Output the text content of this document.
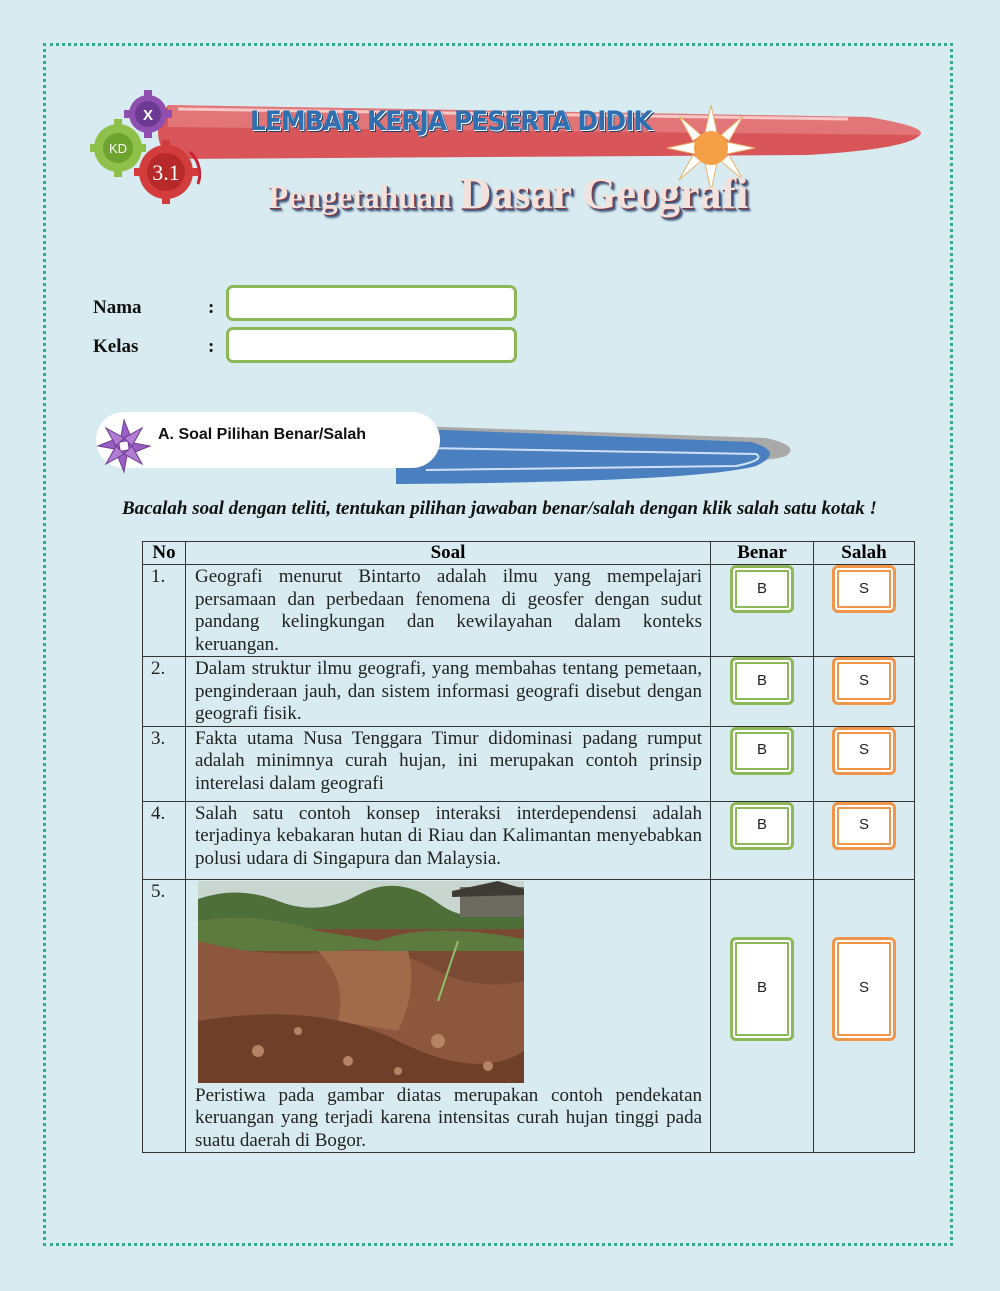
X
KD
3.1
LEMBAR KERJA PESERTA DIDIK
Pengetahuan Dasar Geografi
Nama	:
Kelas	:
A. Soal Pilihan Benar/Salah
Bacalah soal dengan teliti, tentukan pilihan jawaban benar/salah dengan klik salah satu kotak !
No	Soal	Benar	Salah
1.	Geografi menurut Bintarto adalah ilmu yang mempelajari persamaan dan perbedaan fenomena di geosfer dengan sudut pandang kelingkungan dan kewilayahan dalam konteks keruangan.	B	S
2.	Dalam struktur ilmu geografi, yang membahas tentang pemetaan, penginderaan jauh, dan sistem informasi geografi disebut dengan geografi fisik.	B	S
3.	Fakta utama Nusa Tenggara Timur didominasi padang rumput adalah minimnya curah hujan, ini merupakan contoh prinsip interelasi dalam geografi	B	S
4.	Salah satu contoh konsep interaksi interdependensi adalah terjadinya kebakaran hutan di Riau dan Kalimantan menyebabkan polusi udara di Singapura dan Malaysia.	B	S
5.	Peristiwa pada gambar diatas merupakan contoh pendekatan keruangan yang terjadi karena intensitas curah hujan tinggi pada suatu daerah di Bogor.	B	S
